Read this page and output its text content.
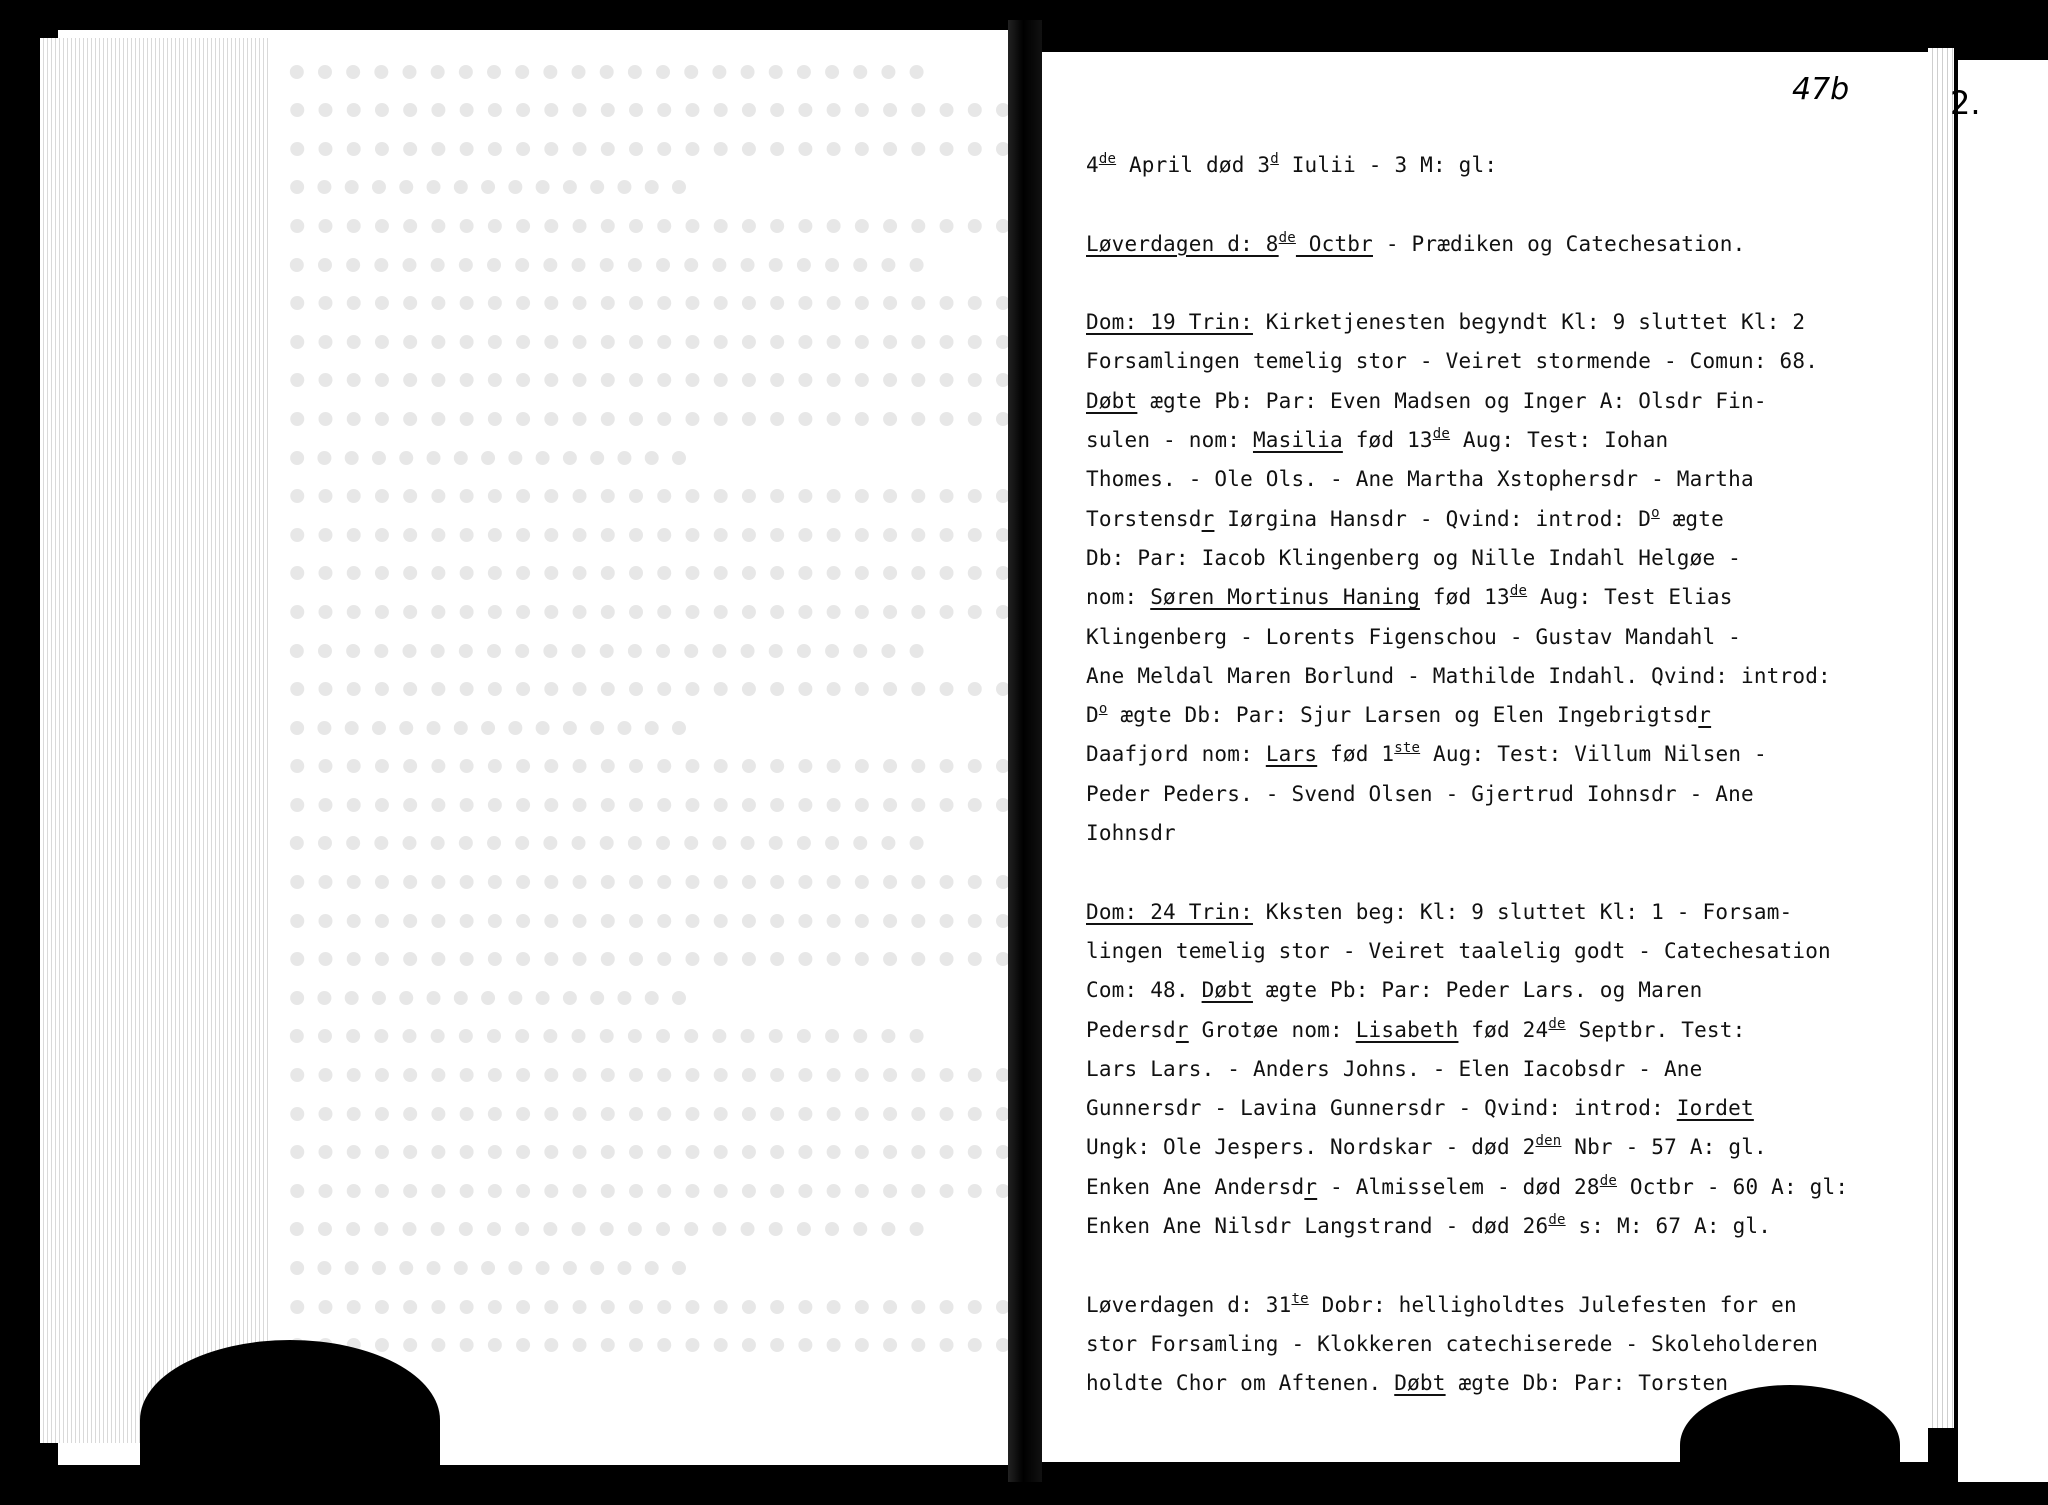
47b	2.
4de April død 3$^d$ Iulii - 3 M: gl:
Løverdagen d: 8de Octbr - Prædiken og Catechesation.
Dom: 19 Trin: Kirketjenesten begyndt Kl: 9 sluttet Kl: 2
Forsamlingen temelig stor - Veiret stormende - Comun: 68.
Døbt ægte Pb: Par: Even Madsen og Inger A: Olsdr Fin-
sulen - nom: Masilia fød 13de Aug: Test: Iohan
Thomes. - Ole Ols. - Ane Martha Xstophersdr - Martha
Torstensdr Iørgina Hansdr - Qvind: introd: $D^o$ ægte
Db: Par: Iacob Klingenberg og Nille Indahl Helgøe -
nom: Søren Mortinus Haning fød 13de Aug: Test Elias
Klingenberg - Lorents Figenschou - Gustav Mandahl -
Ane Meldal Maren Borlund - Mathilde Indahl. Qvind: introd:
$D^o$ ægte Db: Par: Sjur Larsen og Elen Ingebrigtsdr
Daafjord nom: Lars fød 1ste Aug: Test: Villum Nilsen -
Peder Peders. - Svend Olsen - Gjertrud Iohnsdr - Ane
Iohnsdr
Dom: 24 Trin: Kksten beg: Kl: 9 sluttet Kl: 1 - Forsam-
lingen temelig stor - Veiret taalelig godt - Catechesation
Com: 48. Døbt ægte Pb: Par: Peder Lars. og Maren
Pedersdr Grotøe nom: Lisabeth fød 24de Septbr. Test:
Lars Lars. - Anders Johns. - Elen Iacobsdr - Ane
Gunnersdr - Lavina Gunnersdr - Qvind: introd: Iordet
Ungk: Ole Jespers. Nordskar - død $2^{den}$ Nbr - 57 A: gl.
Enken Ane Andersdr - Almisselem - død 28de Octbr - 60 A: gl:
Enken Ane Nilsdr Langstrand - død 26de s: M: 67 A: gl.
Løverdagen d: $31^{te}$ Dobr: helligholdtes Julefesten for en
stor Forsamling - Klokkeren catechiserede - Skoleholderen
holdte Chor om Aftenen. Døbt ægte Db: Par: Torsten
